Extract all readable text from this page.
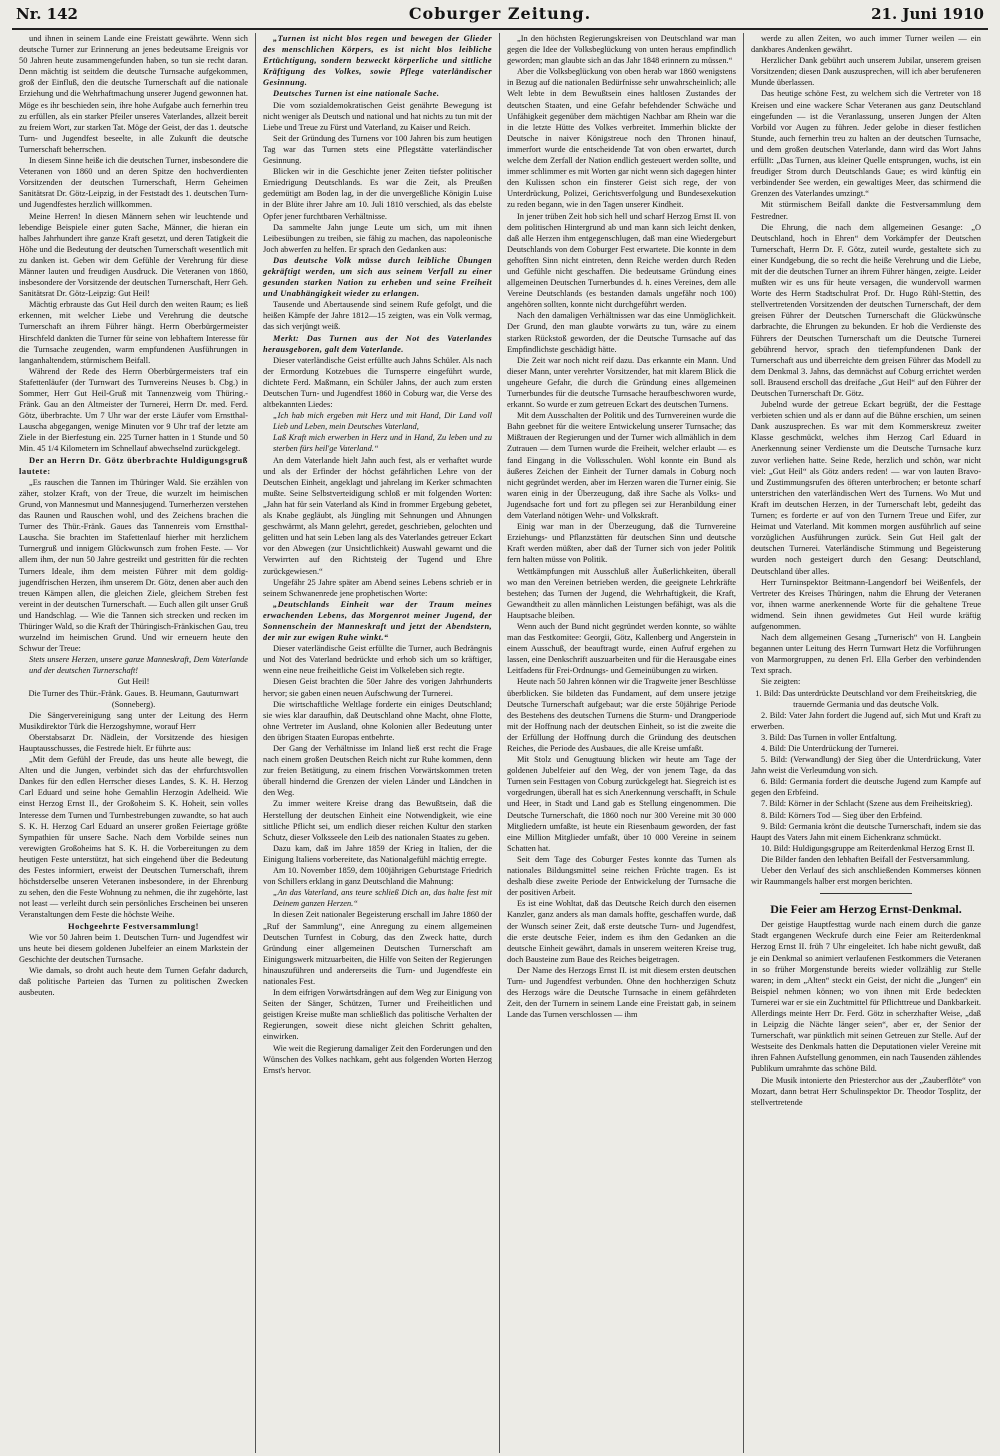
Nr. 142	Coburger Zeitung.	21. Juni 1910

und ihnen in seinem Lande eine Freistatt gewährte. Wenn sich deutsche Turner zur Erinnerung an jenes bedeutsame Ereignis vor 50 Jahren heute zusammengefunden haben, so tun sie recht daran. Denn mächtig ist seitdem die deutsche Turnsache aufgekommen, groß der Einfluß, den die deutsche Turnerschaft auf die nationale Erziehung und die Wehrhaftmachung unserer Jugend gewonnen hat. Möge es ihr beschieden sein, ihre hohe Aufgabe auch fernerhin treu zu erfüllen, als ein starker Pfeiler unseres Vaterlandes, allzeit bereit zu freiem Wort, zur starken Tat. Möge der Geist, der das 1. deutsche Turn- und Jugendfest beseelte, in alle Zukunft die deutsche Turnerschaft beherrschen.

In diesem Sinne heiße ich die deutschen Turner, insbesondere die Veteranen von 1860 und an deren Spitze den hochverdienten Vorsitzenden der deutschen Turnerschaft, Herrn Geheimen Sanitätsrat Dr. Götz-Leipzig, in der Feststadt des 1. deutschen Turn- und Jugendfestes herzlich willkommen.

Meine Herren! In diesen Männern sehen wir leuchtende und lebendige Beispiele einer guten Sache, Männer, die hieran ein halbes Jahrhundert ihre ganze Kraft gesetzt, und deren Tatigkeit die Höhe und die Bedeutung der deutschen Turnerschaft wesentlich mit zu danken ist. Geben wir dem Gefühle der Verehrung für diese Männer lauten und freudigen Ausdruck. Die Veteranen von 1860, insbesondere der Vorsitzende der deutschen Turnerschaft, Herr Geh. Sanitätsrat Dr. Götz-Leipzig: Gut Heil!

Mächtig erbrauste das Gut Heil durch den weiten Raum; es ließ erkennen, mit welcher Liebe und Verehrung die deutsche Turnerschaft an ihrem Führer hängt. Herrn Oberbürgermeister Hirschfeld dankten die Turner für seine von lebhaftem Interesse für die Turnsache zeugenden, warm empfundenen Ausführungen in langanhaltendem, stürmischem Beifall.

Während der Rede des Herrn Oberbürgermeisters traf ein Stafettenläufer (der Turnwart des Turnvereins Neuses b. Cbg.) in Sommer, Herr Gut Heil-Gruß mit Tannenzweig vom Thüring.-Fränk. Gau an den Altmeister der Turnerei, Herrn Dr. med. Ferd. Götz, überbrachte. Um 7 Uhr war der erste Läufer vom Ernstthal-Lauscha abgegangen, wenige Minuten vor 9 Uhr traf der letzte am Ziele in der Bierfestung ein. 225 Turner hatten in 1 Stunde und 50 Min. 45 1/4 Kilometern im Schnellauf abwechselnd zurückgelegt.

Der an Herrn Dr. Götz überbrachte Huldigungsgruß lautete:

„Es rauschen die Tannen im Thüringer Wald. Sie erzählen von zäher, stolzer Kraft, von der Treue, die wurzelt im heimischen Grund, von Mannesmut und Mannesjugend. Turnerherzen verstehen das Raunen und Rauschen wohl, und des Zeichens brachen die Turner des Thür.-Fränk. Gaues das Tannenreis vom Ernstthal-Lauscha. Sie brachten im Stafettenlauf hierher mit herzlichem Turnergruß und innigem Glückwunsch zum frohen Feste. — Vor allem ihm, der nun 50 Jahre gestreikt und gestritten für die rechten Turners Ideale, ihm dem meisten Führer mit dem goldig-jugendfrischen Herzen, ihm unserem Dr. Götz, denen aber auch den treuen Kämpen allen, die gleichen Ziele, gleichem Streben fest vereint in der deutschen Turnerschaft. — Euch allen gilt unser Gruß und Handschlag. — Wie die Tannen sich strecken und recken im Thüringer Wald, so die Kraft der Thüringisch-Fränkischen Gau, treu wurzelnd im heimischen Grund. Und wir erneuern heute den Schwur der Treue:

Stets unsere Herzen, unsere ganze Manneskraft, Dem Vaterlande und der deutschen Turnerschaft!

Gut Heil!

Die Turner des Thür.-Fränk. Gaues. B. Heumann, Gauturnwart (Sonneberg).

Die Sängervereinigung sang unter der Leitung des Herrn Musikdirektor Türk die Herzogshymne, worauf Herr

Oberstabsarzt Dr. Nädlein, der Vorsitzende des hiesigen Hauptausschusses, die Festrede hielt. Er führte aus:

„Mit dem Gefühl der Freude, das uns heute alle bewegt, die Alten und die Jungen, verbindet sich das der ehrfurchtsvollen Dankes für den edlen Herrscher dieses Landes, S. K. H. Herzog Carl Eduard und seine hohe Gemahlin Herzogin Adelheid. Wie einst Herzog Ernst II., der Großoheim S. K. Hoheit, sein volles Interesse dem Turnen und Turnbestrebungen zuwandte, so hat auch S. K. H. Herzog Carl Eduard an unserer großen Feiertage größte Sympathien für unsere Sache. Nach dem Vorbilde seines nun verewigten Großoheims hat S. K. H. die Vorbereitungen zu dem heutigen Feste unterstützt, hat sich eingehend über die Bedeutung des Festes informiert, erweist der Deutschen Turnerschaft, ihrem höchstderselbe unseren Veteranen insbesondere, in der Ehrenburg zu sehen, den die Feste Wohnung zu nehmen, die ihr zugehörte, last not least — verleiht durch sein persönliches Erscheinen bei unseren Veranstaltungen dem Feste die höchste Weihe.

Hochgeehrte Festversammlung!

Wie vor 50 Jahren beim 1. Deutschen Turn- und Jugendfest wir uns heute bei diesem goldenen Jubelfeier an einem Markstein der Geschichte der deutschen Turnsache.

Wie damals, so droht auch heute dem Turnen Gefahr dadurch, daß politische Parteien das Turnen zu politischen Zwecken ausbeuten.

„Turnen ist nicht blos regen und bewegen der Glieder des menschlichen Körpers, es ist nicht blos leibliche Ertüchtigung, sondern bezweckt körperliche und sittliche Kräftigung des Volkes, sowie Pflege vaterländischer Gesinnung.

Deutsches Turnen ist eine nationale Sache.

Die vom sozialdemokratischen Geist genährte Bewegung ist nicht weniger als Deutsch und national und hat nichts zu tun mit der Liebe und Treue zu Fürst und Vaterland, zu Kaiser und Reich.

Seit der Gründung des Turnens vor 100 Jahren bis zum heutigen Tag war das Turnen stets eine Pflegstätte vaterländischer Gesinnung.

Blicken wir in die Geschichte jener Zeiten tiefster politischer Erniedrigung Deutschlands. Es war die Zeit, als Preußen gedemütigt am Boden lag, in der die unvergeßliche Königin Luise in der Blüte ihrer Jahre am 10. Juli 1810 verschied, als das ebelste Opfer jener furchtbaren Verhältnisse.

Da sammelte Jahn junge Leute um sich, um mit ihnen Leibesübungen zu treiben, sie fähig zu machen, das napoleonische Joch abwerfen zu helfen. Er sprach den Gedanken aus:

Das deutsche Volk müsse durch leibliche Übungen gekräftigt werden, um sich aus seinem Verfall zu einer gesunden starken Nation zu erheben und seine Freiheit und Unabhängigkeit wieder zu erlangen.

Tausende und Abertausende sind seinem Rufe gefolgt, und die heißen Kämpfe der Jahre 1812—15 zeigten, was ein Volk vermag, das sich verjüngt weiß.

Merkt: Das Turnen aus der Not des Vaterlandes herausgeboren, galt dem Vaterlande.

Dieser vaterländische Geist erfüllte auch Jahns Schüler. Als nach der Ermordung Kotzebues die Turnsperre eingeführt wurde, dichtete Ferd. Maßmann, ein Schüler Jahns, der auch zum ersten Deutschen Turn- und Jugendfest 1860 in Coburg war, die Verse des altbekannten Liedes:

„Ich hab mich ergeben mit Herz und mit Hand, Dir Land voll Lieb und Leben, mein Deutsches Vaterland,

Laß Kraft mich erwerben in Herz und in Hand, Zu leben und zu sterben fürs heil'ge Vaterland.“

An dem Vaterlande hielt Jahn auch fest, als er verhaftet wurde und als der Erfinder der höchst gefährlichen Lehre von der Deutschen Einheit, angeklagt und jahrelang im Kerker schmachten mußte. Seine Selbstverteidigung schloß er mit folgenden Worten: „Jahn hat für sein Vaterland als Kind in frommer Ergebung gebetet, als Knabe gegläubt, als Jüngling mit Sehnungen und Ahnungen geschwärmt, als Mann gelehrt, geredet, geschrieben, gelochten und gelitten und hat sein Leben lang als des Vaterlandes getreuer Eckart vor den Abwegen (zur Unsichtlichkeit) Auswahl gewarnt und die Verwirrten auf den Richtsteig der Tugend und Ehre zurückgewiesen.“

Ungefähr 25 Jahre später am Abend seines Lebens schrieb er in seinem Schwanenrede jene prophetischen Worte:

„Deutschlands Einheit war der Traum meines erwachenden Lebens, das Morgenrot meiner Jugend, der Sonnenschein der Manneskraft und jetzt der Abendstern, der mir zur ewigen Ruhe winkt.“

Dieser vaterländische Geist erfüllte die Turner, auch Bedrängnis und Not des Vaterland bedrückte und erhob sich um so kräftiger, wenn eine neue freiheitliche Geist im Volkeleben sich regte.

Diesen Geist brachten die 50er Jahre des vorigen Jahrhunderts hervor; sie gaben einen neuen Aufschwung der Turnerei.

Die wirtschaftliche Weltlage forderte ein einiges Deutschland; sie wies klar daraufhin, daß Deutschland ohne Macht, ohne Flotte, ohne Vertreter im Ausland, ohne Kolonien aller Bedeutung unter den übrigen Staaten Europas entbehrte.

Der Gang der Verhältnisse im Inland ließ erst recht die Frage nach einem großen Deutschen Reich nicht zur Ruhe kommen, denn zur freien Betätigung, zu einem frischen Vorwärtskommen treten überall hindernd die Grenzen der vielen Länder und Ländchen in den Weg.

Zu immer weitere Kreise drang das Bewußtsein, daß die Herstellung der deutschen Einheit eine Notwendigkeit, wie eine sittliche Pflicht sei, um endlich dieser reichen Kultur den starken Schutz, dieser Volksseele den Leib des nationalen Staates zu geben.

Dazu kam, daß im Jahre 1859 der Krieg in Italien, der die Einigung Italiens vorbereitete, das Nationalgefühl mächtig erregte.

Am 10. November 1859, dem 100jährigen Geburtstage Friedrich von Schillers erklang in ganz Deutschland die Mahnung:

„An das Vaterland, ans teure schließ Dich an, das halte fest mit Deinem ganzen Herzen.“

In diesen Zeit nationaler Begeisterung erschall im Jahre 1860 der „Ruf der Sammlung“, eine Anregung zu einem allgemeinen Deutschen Turnfest in Coburg, das den Zweck hatte, durch Gründung einer allgemeinen Deutschen Turnerschaft am Einigungswerk mitzuarbeiten, die Hilfe von Seiten der Regierungen hinauszuführen und andererseits die Turn- und Jugendfeste ein nationales Fest.

In dem eifrigen Vorwärtsdrängen auf dem Weg zur Einigung von Seiten der Sänger, Schützen, Turner und Freiheitlichen und geistigen Kreise mußte man schließlich das politische Verhalten der Regierungen, soweit diese nicht gleichen Schritt gehalten, einwirken.

Wie weit die Regierung damaliger Zeit den Forderungen und den Wünschen des Volkes nachkam, geht aus folgenden Worten Herzog Ernst's hervor.

„In den höchsten Regierungskreisen von Deutschland war man gegen die Idee der Volksbeglückung von unten heraus empfindlich geworden; man glaubte sich an das Jahr 1848 erinnern zu müssen.“

Aber die Volksbeglückung von oben herab war 1860 wenigstens in Bezug auf die nationalen Bedürfnisse sehr unwahrscheinlich; alle Welt lebte in dem Bewußtsein eines haltlosen Zustandes der deutschen Staaten, und eine Gefahr befehdender Schwäche und Unfähigkeit gegenüber dem mächtigen Nachbar am Rhein war die in die letzte Hütte des Volkes verbreitet. Immerhin blickte der Deutsche in naiver Königstreue noch den Thronen hinauf, immerfort wurde die entscheidende Tat von oben erwartet, durch welche dem Zerfall der Nation endlich gesteuert werden sollte, und immer schlimmer es mit Worten gar nicht wenn sich dagegen hinter den Kulissen schon ein finsterer Geist sich rege, der von Unterdrückung, Polizei, Gerichtsverfolgung und Bundesexekution zu reden begann, wie in den Tagen unserer Kindheit.

In jener trüben Zeit hob sich hell und scharf Herzog Ernst II. von dem politischen Hintergrund ab und man kann sich leicht denken, daß alle Herzen ihm entgegenschlugen, daß man eine Wiedergeburt Deutschlands von dem Coburger Fest erwartete. Die konnte in dem gehofften Sinn nicht eintreten, denn Reiche werden durch Reden und Gefühle nicht geschaffen. Die bedeutsame Gründung eines allgemeinen Deutschen Turnerbundes d. h. eines Vereines, dem alle Vereine Deutschlands (es bestanden damals ungefähr noch 100) angehören sollten, konnte nicht durchgeführt werden.

Nach den damaligen Verhältnissen war das eine Unmöglichkeit. Der Grund, den man glaubte vorwärts zu tun, wäre zu einem starken Rückstoß geworden, der die Deutsche Turnsache auf das Empfindlichste geschädigt hätte.

Die Zeit war noch nicht reif dazu. Das erkannte ein Mann. Und dieser Mann, unter verehrter Vorsitzender, hat mit klarem Blick die ungeheure Gefahr, die durch die Gründung eines allgemeinen Turnerbundes für die deutsche Turnsache heraufbeschworen wurde, erkannt. So wurde er zum getreuen Eckart des deutschen Turnens.

Mit dem Ausschalten der Politik und des Turnvereinen wurde die Bahn geebnet für die weitere Entwickelung unserer Turnsache; das Mißtrauen der Regierungen und der Turner wich allmählich in dem Zutrauen — dem Turnen wurde die Freiheit, welcher erlaubt — es fand Eingang in die Volksschulen. Wohl konnte ein Bund als äußeres Zeichen der Einheit der Turner damals in Coburg noch nicht gegründet werden, aber im Herzen waren die Turner einig. Sie waren einig in der Überzeugung, daß ihre Sache als Volks- und Jugendsache fort und fort zu pflegen sei zur Heranbildung einer dem Vaterland nötigen Wehr- und Volkskraft.

Einig war man in der Überzeugung, daß die Turnvereine Erziehungs- und Pflanzstätten für deutschen Sinn und deutsche Kraft werden müßten, aber daß der Turner sich von jeder Politik fern halten müsse von Politik.

Wettkämpfungen mit Ausschluß aller Äußerlichkeiten, überall wo man den Vereinen betrieben werden, die geeignete Lehrkräfte bestehen; das Turnen der Jugend, die Wehrhaftigkeit, die Kraft, Gewandtheit zu allen männlichen Leistungen befähigt, was als die Hauptsache bleiben.

Wenn auch der Bund nicht gegründet werden konnte, so wählte man das Festkomitee: Georgii, Götz, Kallenberg und Angerstein in einem Ausschuß, der beauftragt wurde, einen Aufruf ergehen zu lassen, eine Denkschrift auszuarbeiten und für die Herausgabe eines Leitfadens für Frei-Ordnungs- und Gemeinübungen zu wirken.

Heute nach 50 Jahren können wir die Tragweite jener Beschlüsse überblicken. Sie bildeten das Fundament, auf dem unsere jetzige Deutsche Turnerschaft aufgebaut; war die erste 50jährige Periode des Bestehens des deutschen Turnens die Sturm- und Drangperiode mit der Hoffnung nach der deutschen Einheit, so ist die zweite die der Erfüllung der Hoffnung durch die Gründung des deutschen Reiches, die Periode des Ausbaues, die alle Kreise umfaßt.

Mit Stolz und Genugtuung blicken wir heute am Tage der goldenen Jubelfeier auf den Weg, der von jenem Tage, da das Turnen sein Festtagen von Coburg zurückgelegt hat. Siegreich ist es vorgedrungen, überall hat es sich Anerkennung verschafft, in Schule und Heer, in Stadt und Land gab es Stellung eingenommen. Die Deutsche Turnerschaft, die 1860 noch nur 300 Vereine mit 30 000 Mitgliedern umfaßte, ist heute ein Riesenbaum geworden, der fast eine Million Mitglieder umfaßt, über 10 000 Vereine in seinem Schatten hat.

Seit dem Tage des Coburger Festes konnte das Turnen als nationales Bildungsmittel seine reichen Früchte tragen. Es ist deshalb diese zweite Periode der Entwickelung der Turnsache die der positiven Arbeit.

Es ist eine Wohltat, daß das Deutsche Reich durch den eisernen Kanzler, ganz anders als man damals hoffte, geschaffen wurde, daß der Wunsch seiner Zeit, daß erste deutsche Turn- und Jugendfest, die erste deutsche Feier, indem es ihm den Gedanken an die deutsche Einheit gewährt, damals in unserem weiteren Kreise trug, doch Bausteine zum Baue des Reiches beigetragen.

Der Name des Herzogs Ernst II. ist mit diesem ersten deutschen Turn- und Jugendfest verbunden. Ohne den hochherzigen Schutz des Herzogs wäre die Deutsche Turnsache in einem gefährdeten Zeit, den der Turnern in seinem Lande eine Freistatt gab, in seinem Lande das Turnen verschlossen — ihm

werde zu allen Zeiten, wo auch immer Turner weilen — ein dankbares Andenken gewährt.

Herzlicher Dank gebührt auch unserem Jubilar, unserem greisen Vorsitzenden; diesen Dank auszusprechen, will ich aber berufeneren Munde überlassen.

Das heutige schöne Fest, zu welchem sich die Vertreter von 18 Kreisen und eine wackere Schar Veteranen aus ganz Deutschland eingefunden — ist die Veranlassung, unseren Jungen der Alten Vorbild vor Augen zu führen. Jeder gelobe in dieser festlichen Stunde, auch fernerhin treu zu halten an der deutschen Turnsache, und dem großen deutschen Vaterlande, dann wird das Wort Jahns erfüllt: „Das Turnen, aus kleiner Quelle entsprungen, wuchs, ist ein freudiger Strom durch Deutschlands Gaue; es wird künftig ein verbindender See werden, ein gewaltiges Meer, das schirmend die Grenzen des Vaterlandes umzingt.“

Mit stürmischem Beifall dankte die Festversammlung dem Festredner.

Die Ehrung, die nach dem allgemeinen Gesange: „O Deutschland, hoch in Ehren“ dem Vorkämpfer der Deutschen Turnerschaft, Herrn Dr. F. Götz, zuteil wurde, gestaltete sich zu einer Kundgebung, die so recht die heiße Verehrung und die Liebe, mit der die deutschen Turner an ihrem Führer hängen, zeigte. Leider mußten wir es uns für heute versagen, die wundervoll warmen Worte des Herrn Stadtschulrat Prof. Dr. Hugo Rühl-Stettin, des stellvertretenden Vorsitzenden der deutschen Turnerschaft, der dem greisen Führer der Deutschen Turnerschaft die Glückwünsche darbrachte, die Ehrungen zu bekunden. Er hob die Verdienste des Führers der Deutschen Turnerschaft um die Deutsche Turnerei gebührend hervor, sprach den tiefempfundenen Dank der Turnerschaft aus und überreichte dem greisen Führer das Modell zu dem Denkmal 3. Jahns, das demnächst auf Coburg errichtet werden soll. Brausend erscholl das dreifache „Gut Heil“ auf den Führer der Deutschen Turnerschaft Dr. Götz.

Jubelnd wurde der getreue Eckart begrüßt, der die Festtage verbieten schien und als er dann auf die Bühne erschien, um seinen Dank auszusprechen. Es war mit dem Kommerskreuz zweiter Klasse geschmückt, welches ihm Herzog Carl Eduard in Anerkennung seiner Verdienste um die Deutsche Turnsache kurz zuvor verliehen hatte. Seine Rede, herzlich und schön, war nicht viel: „Gut Heil“ als Götz anders reden! — war von lauten Bravo- und Zustimmungsrufen des öfteren unterbrochen; er betonte scharf unterstrichen den vaterländischen Wert des Turnens. Wo Mut und Kraft im deutschen Herzen, in der Turnerschaft lebt, gedeiht das Turnen; es forderte er auf von den Turnern Treue und Eifer, zur Heimat und Vaterland. Mit kommen morgen ausführlich auf seine vorzüglichen Ausführungen zurück. Sein Gut Heil galt der deutschen Turnerei. Vaterländische Stimmung und Begeisterung wurden noch gesteigert durch den Gesang: Deutschland, Deutschland über alles.

Herr Turninspektor Beitmann-Langendorf bei Weißenfels, der Vertreter des Kreises Thüringen, nahm die Ehrung der Veteranen vor, ihnen warme anerkennende Worte für die gehaltene Treue widmend. Sein ihnen gewidmetes Gut Heil wurde kräftig aufgenommen.

Nach dem allgemeinen Gesang „Turnerisch“ von H. Langbein begannen unter Leitung des Herrn Turnwart Hetz die Vorführungen von Marmorgruppen, zu denen Frl. Ella Gerber den verbindenden Text sprach.

Sie zeigten:

1. Bild: Das unterdrückte Deutschland vor dem Freiheitskrieg, die trauernde Germania und das deutsche Volk.

2. Bild: Vater Jahn fordert die Jugend auf, sich Mut und Kraft zu erwerben.

3. Bild: Das Turnen in voller Entfaltung.

4. Bild: Die Unterdrückung der Turnerei.

5. Bild: (Verwandlung) der Sieg über die Unterdrückung, Vater Jahn weist die Verleumdung von sich.

6. Bild: Germania fordert die deutsche Jugend zum Kampfe auf gegen den Erbfeind.

7. Bild: Körner in der Schlacht (Szene aus dem Freiheitskrieg).

8. Bild: Körners Tod — Sieg über den Erbfeind.

9. Bild: Germania krönt die deutsche Turnerschaft, indem sie das Haupt des Vaters Jahn mit einem Eichenkranz schmückt.

10. Bild: Huldigungsgruppe am Reiterdenkmal Herzog Ernst II.

Die Bilder fanden den lebhaften Beifall der Festversammlung.

Ueber den Verlauf des sich anschließenden Kommerses können wir Raummangels halber erst morgen berichten.

Die Feier am Herzog Ernst-Denkmal.

Der geistige Hauptfesttag wurde nach einem durch die ganze Stadt ergangenen Weckrufe durch eine Feier am Reiterdenkmal Herzog Ernst II. früh 7 Uhr eingeleitet. Ich habe nicht gewußt, daß je ein Denkmal so animiert verlaufenen Festkommers die Veteranen in so früher Morgenstunde bereits wieder vollzählig zur Stelle waren; in dem „Alten“ steckt ein Geist, der nicht die „Jungen“ ein Beispiel nehmen können; wo von ihnen mit Erde bedeckten Turnerei war er sie ein Zuchtmittel für Pflichttreue und Dankbarkeit. Allerdings meinte Herr Dr. Ferd. Götz in scherzhafter Weise, „daß in Leipzig die Nächte länger seien“, aber er, der Senior der Turnerschaft, war pünktlich mit seinen Getreuen zur Stelle. Auf der Westseite des Denkmals hatten die Deputationen vieler Vereine mit ihren Fahnen Aufstellung genommen, ein nach Tausenden zählendes Publikum umrahmte das schöne Bild.

Die Musik intonierte den Priesterchor aus der „Zauberflöte“ von Mozart, dann betrat Herr Schulinspektor Dr. Theodor Tosplitz, der stellvertretende
